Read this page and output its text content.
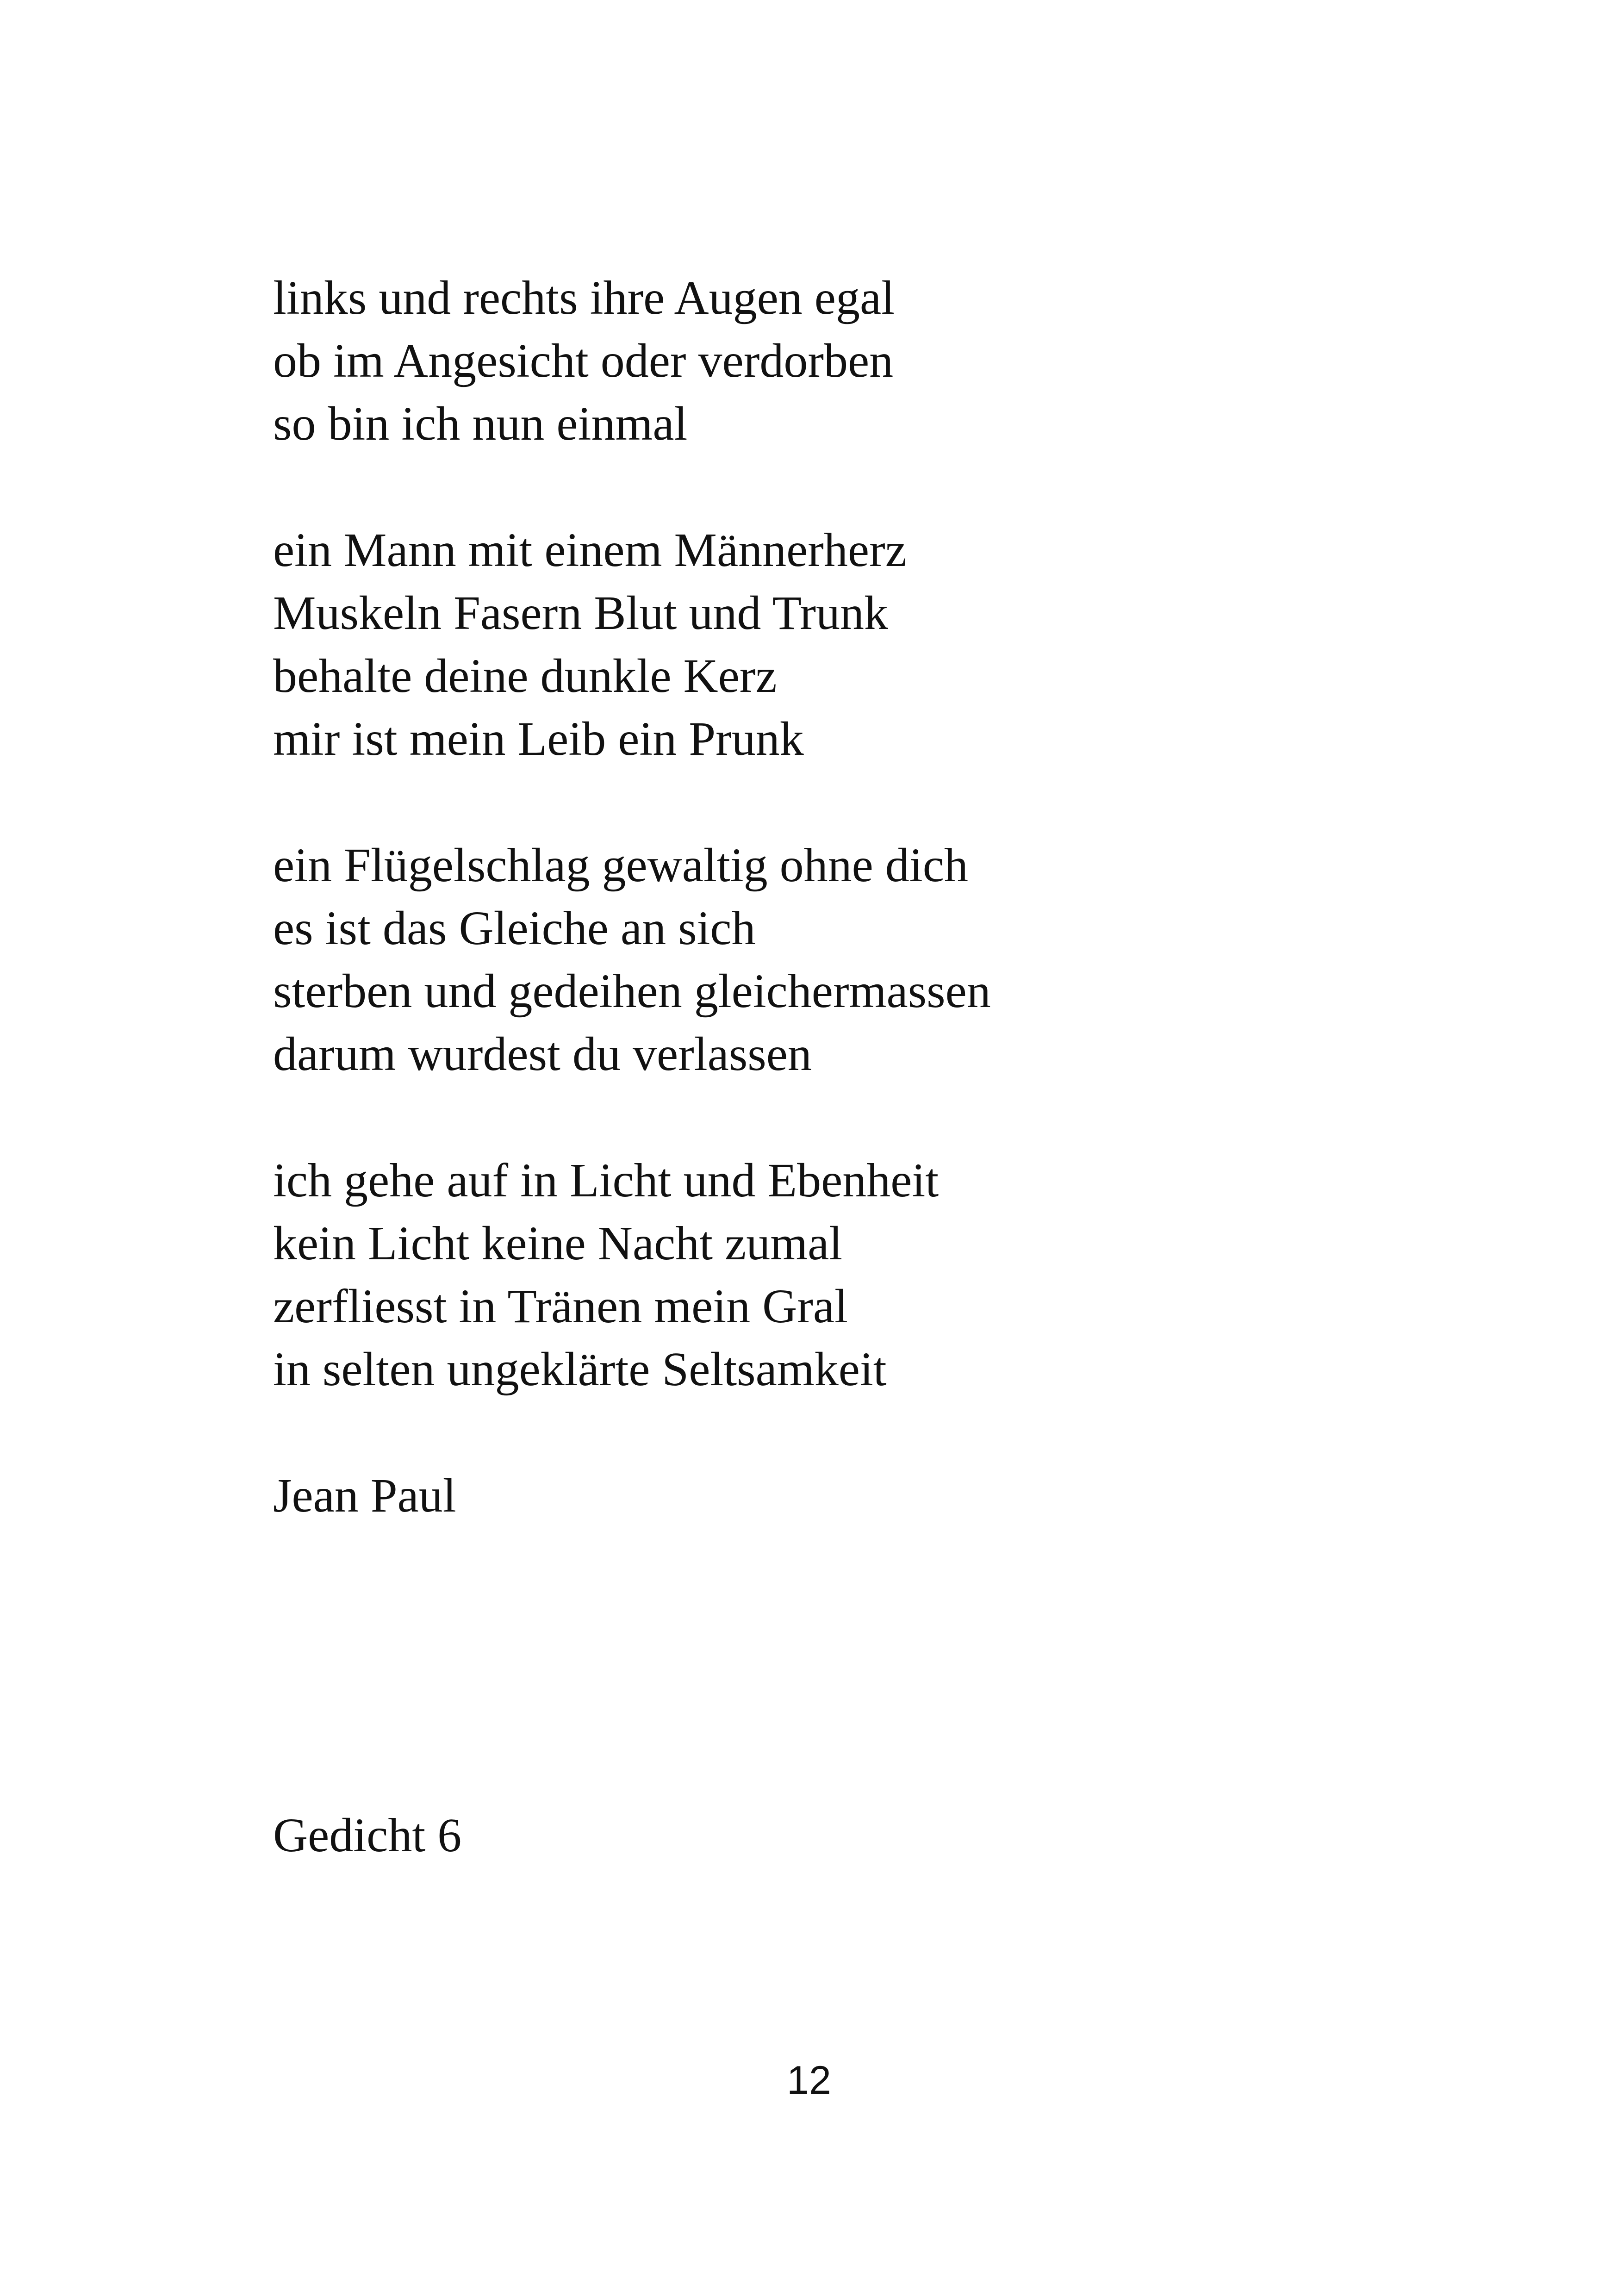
links und rechts ihre Augen egal
ob im Angesicht oder verdorben
so bin ich nun einmal
ein Mann mit einem Männerherz
Muskeln Fasern Blut und Trunk
behalte deine dunkle Kerz
mir ist mein Leib ein Prunk
ein Flügelschlag gewaltig ohne dich
es ist das Gleiche an sich
sterben und gedeihen gleichermassen
darum wurdest du verlassen
ich gehe auf in Licht und Ebenheit
kein Licht keine Nacht zumal
zerfliesst in Tränen mein Gral
in selten ungeklärte Seltsamkeit
Jean Paul
Gedicht 6
12
